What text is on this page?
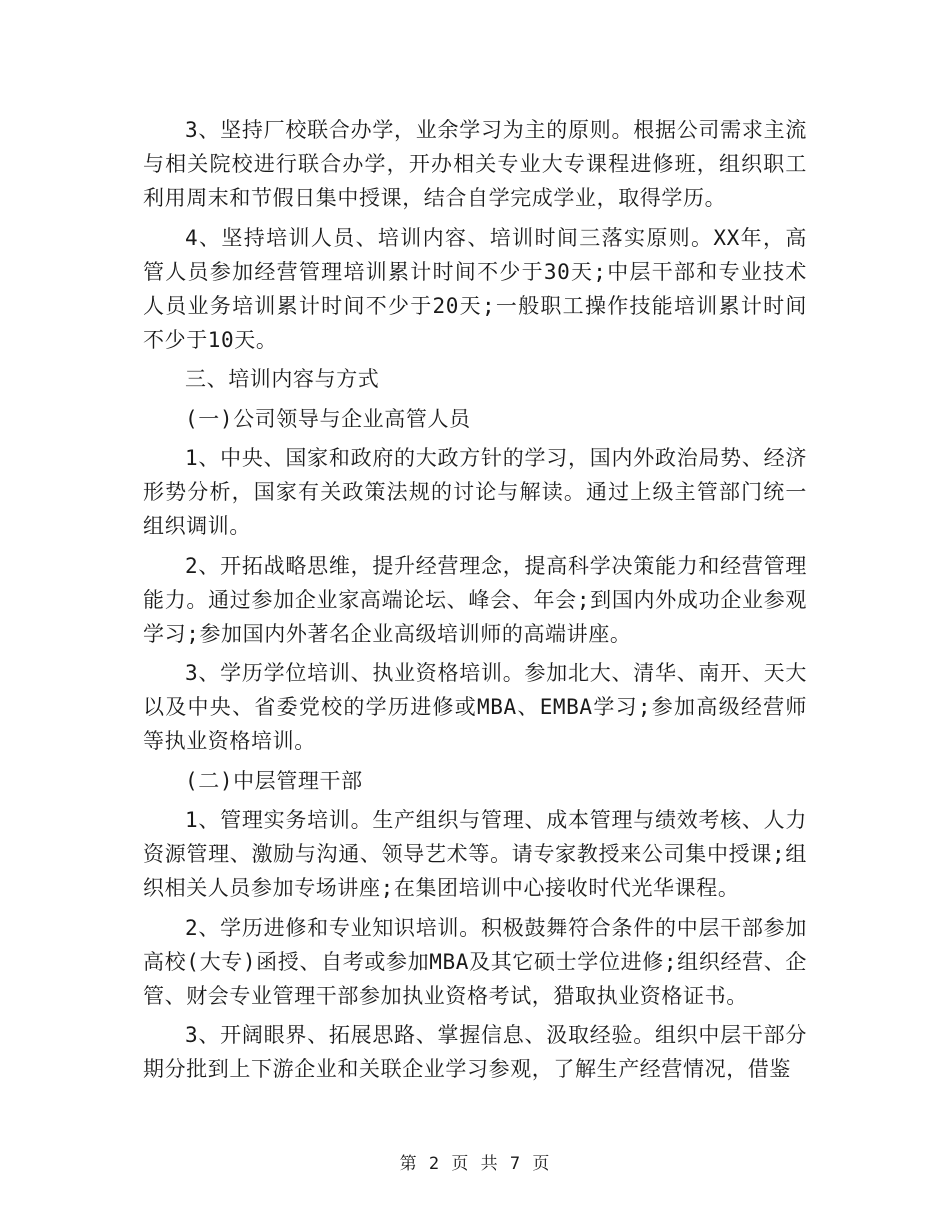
3、坚持厂校联合办学，业余学习为主的原则。根据公司需求主流与相关院校进行联合办学，开办相关专业大专课程进修班，组织职工利用周末和节假日集中授课，结合自学完成学业，取得学历。

4、坚持培训人员、培训内容、培训时间三落实原则。XX年，高管人员参加经营管理培训累计时间不少于30天;中层干部和专业技术人员业务培训累计时间不少于20天;一般职工操作技能培训累计时间不少于10天。

三、培训内容与方式

(一)公司领导与企业高管人员

1、中央、国家和政府的大政方针的学习，国内外政治局势、经济形势分析，国家有关政策法规的讨论与解读。通过上级主管部门统一组织调训。

2、开拓战略思维，提升经营理念，提高科学决策能力和经营管理能力。通过参加企业家高端论坛、峰会、年会;到国内外成功企业参观学习;参加国内外著名企业高级培训师的高端讲座。

3、学历学位培训、执业资格培训。参加北大、清华、南开、天大以及中央、省委党校的学历进修或MBA、EMBA学习;参加高级经营师等执业资格培训。

(二)中层管理干部

1、管理实务培训。生产组织与管理、成本管理与绩效考核、人力资源管理、激励与沟通、领导艺术等。请专家教授来公司集中授课;组织相关人员参加专场讲座;在集团培训中心接收时代光华课程。

2、学历进修和专业知识培训。积极鼓舞符合条件的中层干部参加高校(大专)函授、自考或参加MBA及其它硕士学位进修;组织经营、企管、财会专业管理干部参加执业资格考试，猎取执业资格证书。

3、开阔眼界、拓展思路、掌握信息、汲取经验。组织中层干部分期分批到上下游企业和关联企业学习参观，了解生产经营情况，借鉴

第 2 页 共 7 页
